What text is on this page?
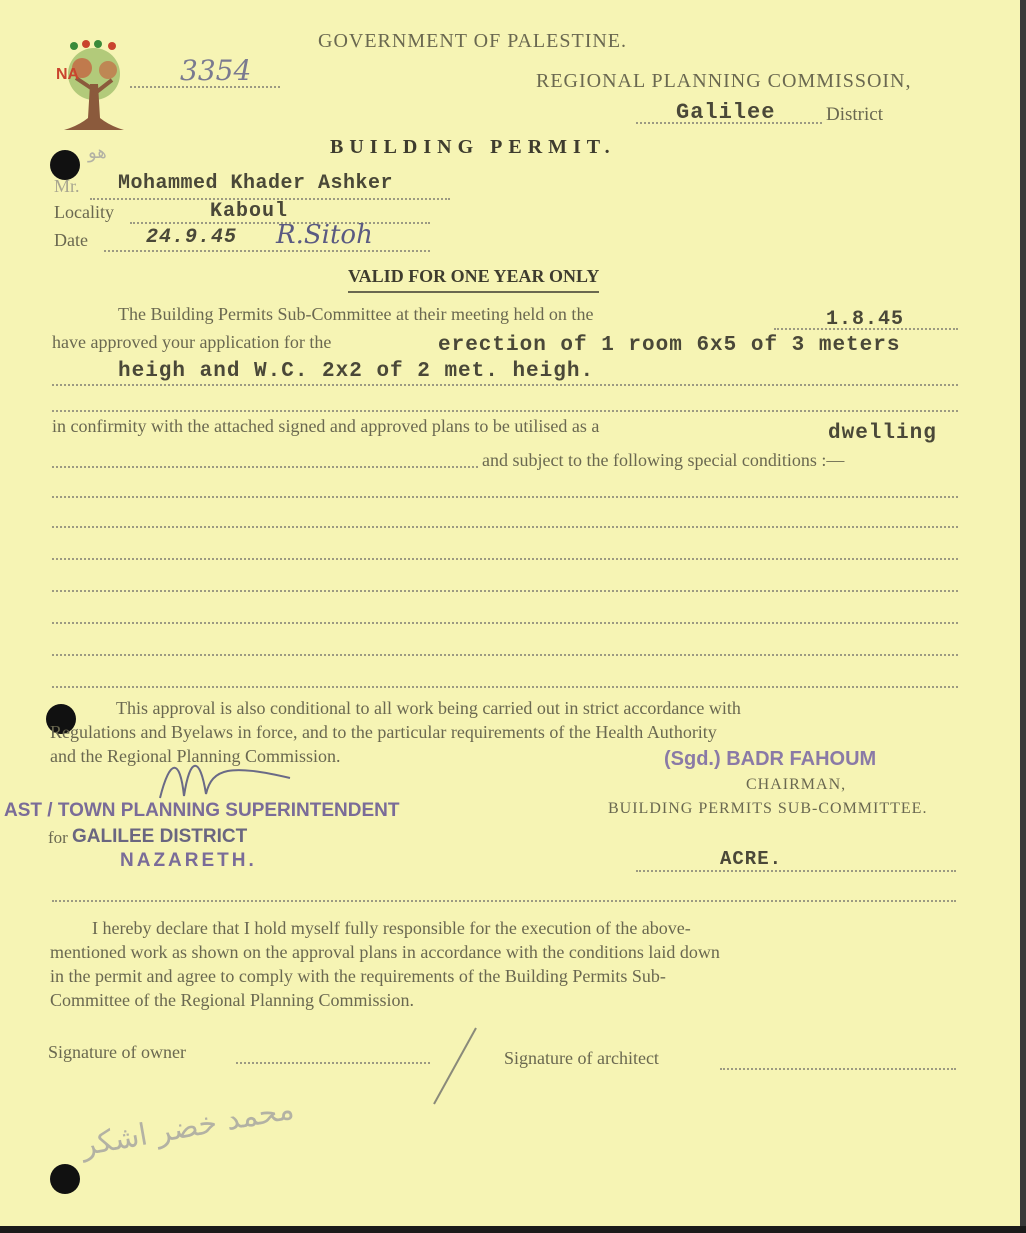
NA
GOVERNMENT OF PALESTINE.
3354	REGIONAL PLANNING COMMISSOIN,
Galilee	District
BUILDING PERMIT.
هو
Mr. Mohammed Khader Ashker
Locality	Kaboul
Date	24.9.45 R.Sitoh
VALID FOR ONE YEAR ONLY
The Building Permits Sub-Committee at their meeting held on the	1.8.45
have approved your application for the	erection of 1 room 6x5 of 3 meters
heigh and W.C. 2x2 of 2 met. heigh.
in confirmity with the attached signed and approved plans to be utilised as a	dwelling
and subject to the following special conditions :—
This approval is also conditional to all work being carried out in strict accordance with
Regulations and Byelaws in force, and to the particular requirements of the Health Authority
and the Regional Planning Commission.	(Sgd.) BADR FAHOUM
CHAIRMAN,
BUILDING PERMITS SUB-COMMITTEE.
ACRE.
AST / TOWN PLANNING SUPERINTENDENT
for GALILEE DISTRICT
NAZARETH.
I hereby declare that I hold myself fully responsible for the execution of the above-
mentioned work as shown on the approval plans in accordance with the conditions laid down
in the permit and agree to comply with the requirements of the Building Permits Sub-
Committee of the Regional Planning Commission.
Signature of owner	Signature of architect
محمد خضر اشكر
